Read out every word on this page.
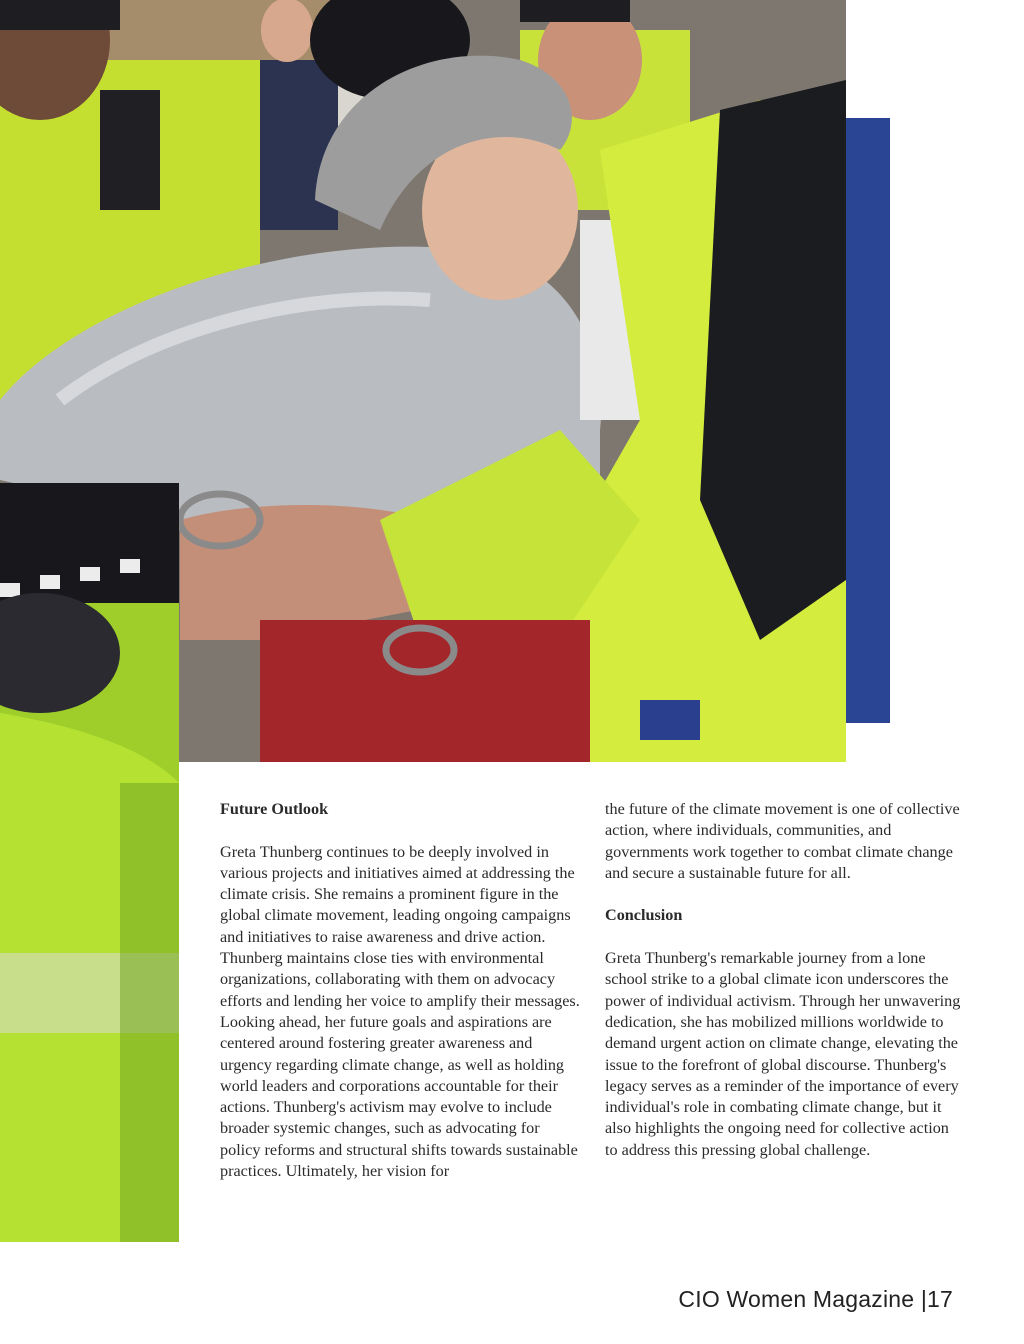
Future Outlook

Greta Thunberg continues to be deeply involved in various projects and initiatives aimed at addressing the climate crisis. She remains a prominent figure in the global climate movement, leading ongoing campaigns and initiatives to raise awareness and drive action. Thunberg maintains close ties with environmental organizations, collaborating with them on advocacy efforts and lending her voice to amplify their messages. Looking ahead, her future goals and aspirations are centered around fostering greater awareness and urgency regarding climate change, as well as holding world leaders and corporations accountable for their actions. Thunberg's activism may evolve to include broader systemic changes, such as advocating for policy reforms and structural shifts towards sustainable practices. Ultimately, her vision for

the future of the climate movement is one of collective action, where individuals, communities, and governments work together to combat climate change and secure a sustainable future for all.

Conclusion

Greta Thunberg's remarkable journey from a lone school strike to a global climate icon underscores the power of individual activism. Through her unwavering dedication, she has mobilized millions worldwide to demand urgent action on climate change, elevating the issue to the forefront of global discourse. Thunberg's legacy serves as a reminder of the importance of every individual's role in combating climate change, but it also highlights the ongoing need for collective action to address this pressing global challenge.

CIO Women Magazine |17
